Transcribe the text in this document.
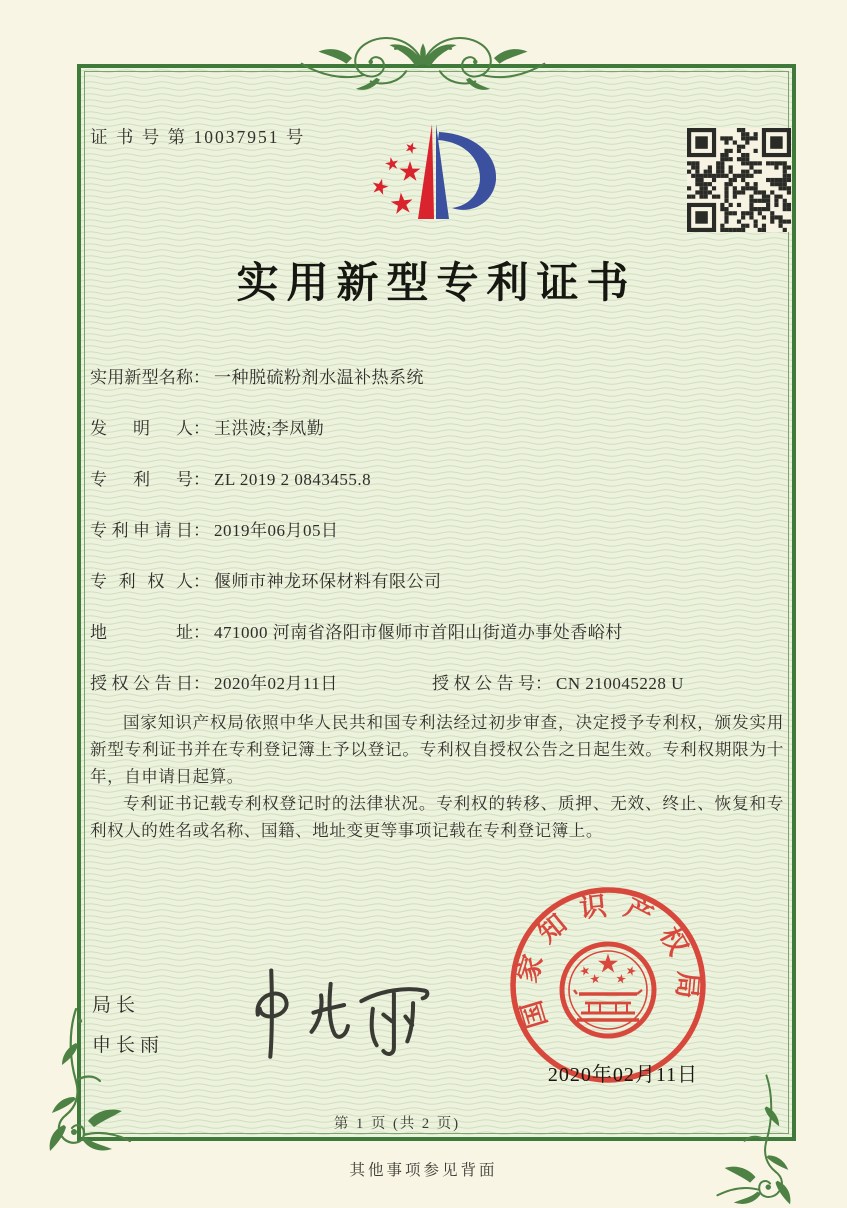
证 书 号 第 10037951 号
实用新型专利证书
实用新型名称： 一种脱硫粉剂水温补热系统
发明人： 王洪波;李凤勤
专利号： ZL 2019 2 0843455.8
专利申请日： 2019年06月05日
专利权人： 偃师市神龙环保材料有限公司
地址： 471000 河南省洛阳市偃师市首阳山街道办事处香峪村
授权公告日： 2020年02月11日	授权公告号： CN 210045228 U

国家知识产权局依照中华人民共和国专利法经过初步审查，决定授予专利权，颁发实用新型专利证书并在专利登记簿上予以登记。专利权自授权公告之日起生效。专利权期限为十年，自申请日起算。

专利证书记载专利权登记时的法律状况。专利权的转移、质押、无效、终止、恢复和专利权人的姓名或名称、国籍、地址变更等事项记载在专利登记簿上。

局长
申长雨
国家知识产权局
2020年02月11日
第 1 页 (共 2 页)
其他事项参见背面
